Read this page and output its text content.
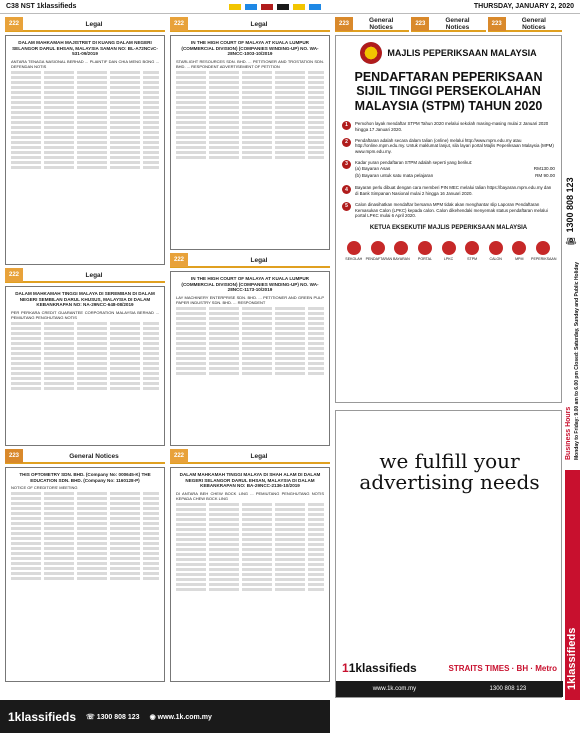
C38 NST 1klassifieds	THURSDAY, JANUARY 2, 2020
222	Legal
DALAM MAHKAMAH MAJISTRET DI KUANG DALAM NEGERI SELANGOR DARUL EHSAN, MALAYSIA SAMAN NO: BL-A72NCvC-531-09/2019
ANTARA TENAGA NASIONAL BERHAD ... PLAINTIF DAN CHIA MENG BONG ... DEFENDAN NOTIS
222	Legal
DALAM MAHKAMAH TINGGI MALAYA DI SEREMBAN DI DALAM NEGERI SEMBILAN DARUL KHUSUS, MALAYSIA DI DALAM KEBANKRAPAN NO: NA-29NCC-648-08/2019
PER PERKARA CREDIT GUARANTEE CORPORATION MALAYSIA BERHAD ... PEMIUTANG PENGHUTANG NOTIS
223	General Notices
THIS OPTOMETRY SDN. BHD. (Company No: 000645-K) THE EDUCATION SDN. BHD. (Company No: 1160128-P)
NOTICE OF CREDITORS' MEETING
222	Legal
IN THE HIGH COURT OF MALAYA AT KUALA LUMPUR (COMMERCIAL DIVISION) (COMPANIES WINDING-UP) NO. WA-28NCC-1003-10/2019
STARLIGHT RESOURCES SDN. BHD. ... PETITIONER AND TROSTATION SDN. BHD. ... RESPONDENT ADVERTISEMENT OF PETITION
222	Legal
IN THE HIGH COURT OF MALAYA AT KUALA LUMPUR (COMMERCIAL DIVISION) (COMPANIES WINDING-UP) NO. WA-28NCC-1173-10/2019
LAY MACHINERY ENTERPRISE SDN. BHD. ... PETITIONER AND GREEN PULP PAPER INDUSTRY SDN. BHD. ... RESPONDENT
222	Legal
DALAM MAHKAMAH TINGGI MALAYA DI SHAH ALAM DI DALAM NEGERI SELANGOR DARUL EHSAN, MALAYSIA DI DALAM KEBANKRAPAN NO: BA-29NCC-2136-10/2019
DI ANTARA BEH CHEW BOCK LING ... PEMIUTANG PENGHUTANG NOTIS KEPADA CHEW BOCK LING
223	General Notices	223	General Notices	223	General Notices
MAJLIS PEPERIKSAAN MALAYSIA
PENDAFTARAN PEPERIKSAAN SIJIL TINGGI PERSEKOLAHAN MALAYSIA (STPM) TAHUN 2020
1	Pemohon layak mendaftar STPM Tahun 2020 melalui sekolah masing-masing mulai 2 Januari 2020 hingga 17 Januari 2020.
2	Pendaftaran adalah secara dalam talian (online) melalui http://www.mpm.edu.my atau http://online.mpm.edu.my. Untuk maklumat lanjut, sila layari portal Majlis Peperiksaan Malaysia (MPM) www.mpm.edu.my.
3	Kadar yuran pendaftaran STPM adalah seperti yang berikut:
(a) Bayaran Asas	RM130.00
(b) Bayaran untuk satu mata pelajaran	RM 90.00
4	Bayaran perlu dibuat dengan cara memberi PIN MEC melalui talian https://bayaran.mpm.edu.my dan di Bank Simpanan Nasional mulai 2 hingga 16 Januari 2020.
5	Calon dinasihatkan mendaftar bersama MPM tidak akan menghantar slip Laporan Pendaftaran Kemasukan Calon (LPKC) kepada calon. Calon dikehendaki menyemak status pendaftaran melalui portal LPKC mulai 6 April 2020.
KETUA EKSEKUTIF MAJLIS PEPERIKSAAN MALAYSIA
SEKOLAH PENDAFTARAN BAYARAN	PORTAL	LPKC	STPM	CALON	MPM	PEPERIKSAAN
☏ 1300 808 123
Business Hours Monday to Friday: 9.00 am to 6.00 pm Closed: Saturday, Sunday and Public Holiday
we fulfill your advertising needs
11klassifieds	STRAITS TIMES · BH · Metro
www.1k.com.my	1300 808 123	1klassifieds
1klassifieds ☏ 1300 808 123 ◉ www.1k.com.my
